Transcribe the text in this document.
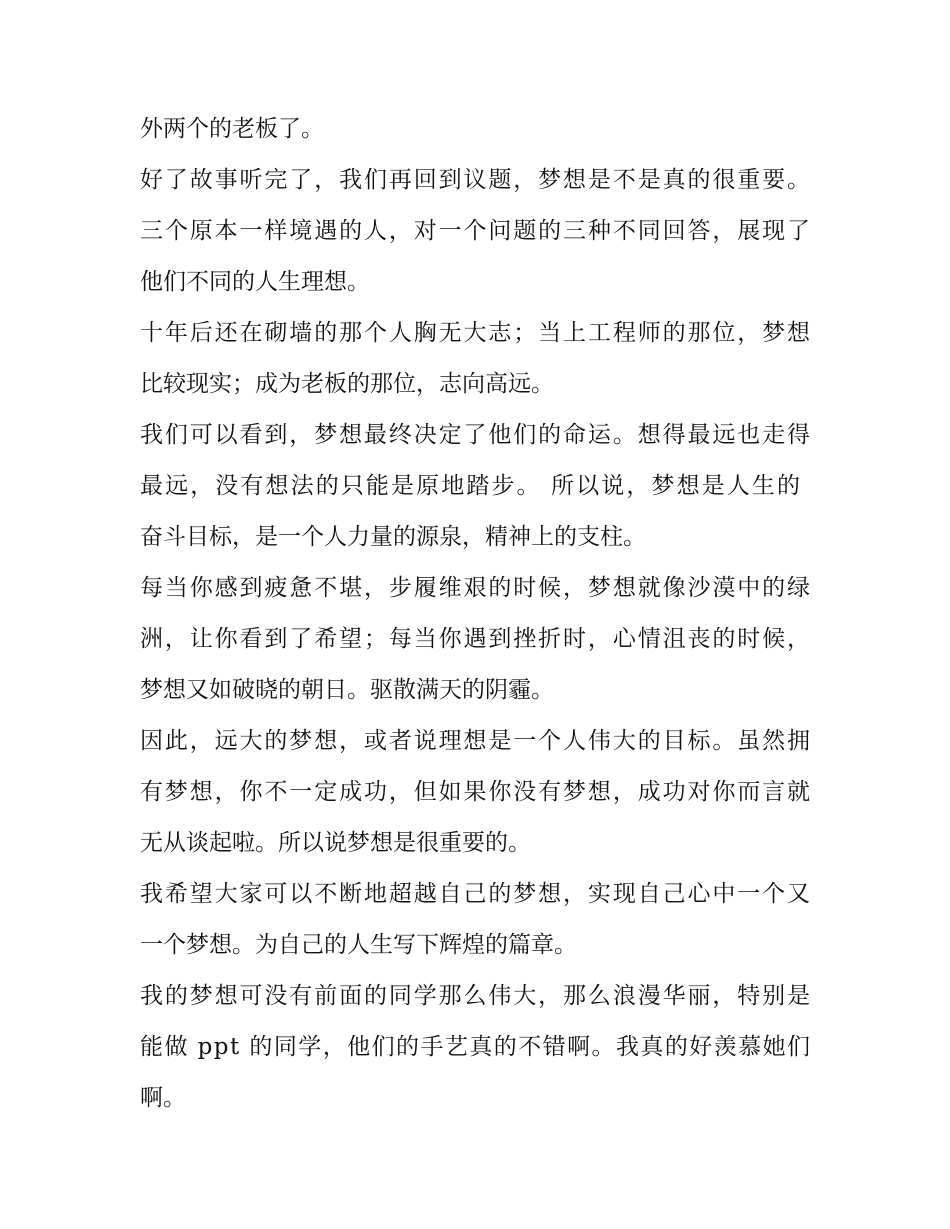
外两个的老板了。

好了故事听完了，我们再回到议题，梦想是不是真的很重要。

三个原本一样境遇的人，对一个问题的三种不同回答，展现了

他们不同的人生理想。

十年后还在砌墙的那个人胸无大志；当上工程师的那位，梦想

比较现实；成为老板的那位，志向高远。

我们可以看到，梦想最终决定了他们的命运。想得最远也走得

最远，没有想法的只能是原地踏步。 所以说，梦想是人生的

奋斗目标，是一个人力量的源泉，精神上的支柱。

每当你感到疲惫不堪，步履维艰的时候，梦想就像沙漠中的绿

洲，让你看到了希望；每当你遇到挫折时，心情沮丧的时候，

梦想又如破晓的朝日。驱散满天的阴霾。

因此，远大的梦想，或者说理想是一个人伟大的目标。虽然拥

有梦想，你不一定成功，但如果你没有梦想，成功对你而言就

无从谈起啦。所以说梦想是很重要的。

我希望大家可以不断地超越自己的梦想，实现自己心中一个又

一个梦想。为自己的人生写下辉煌的篇章。

我的梦想可没有前面的同学那么伟大，那么浪漫华丽，特别是

能做 ppt 的同学，他们的手艺真的不错啊。我真的好羡慕她们

啊。
